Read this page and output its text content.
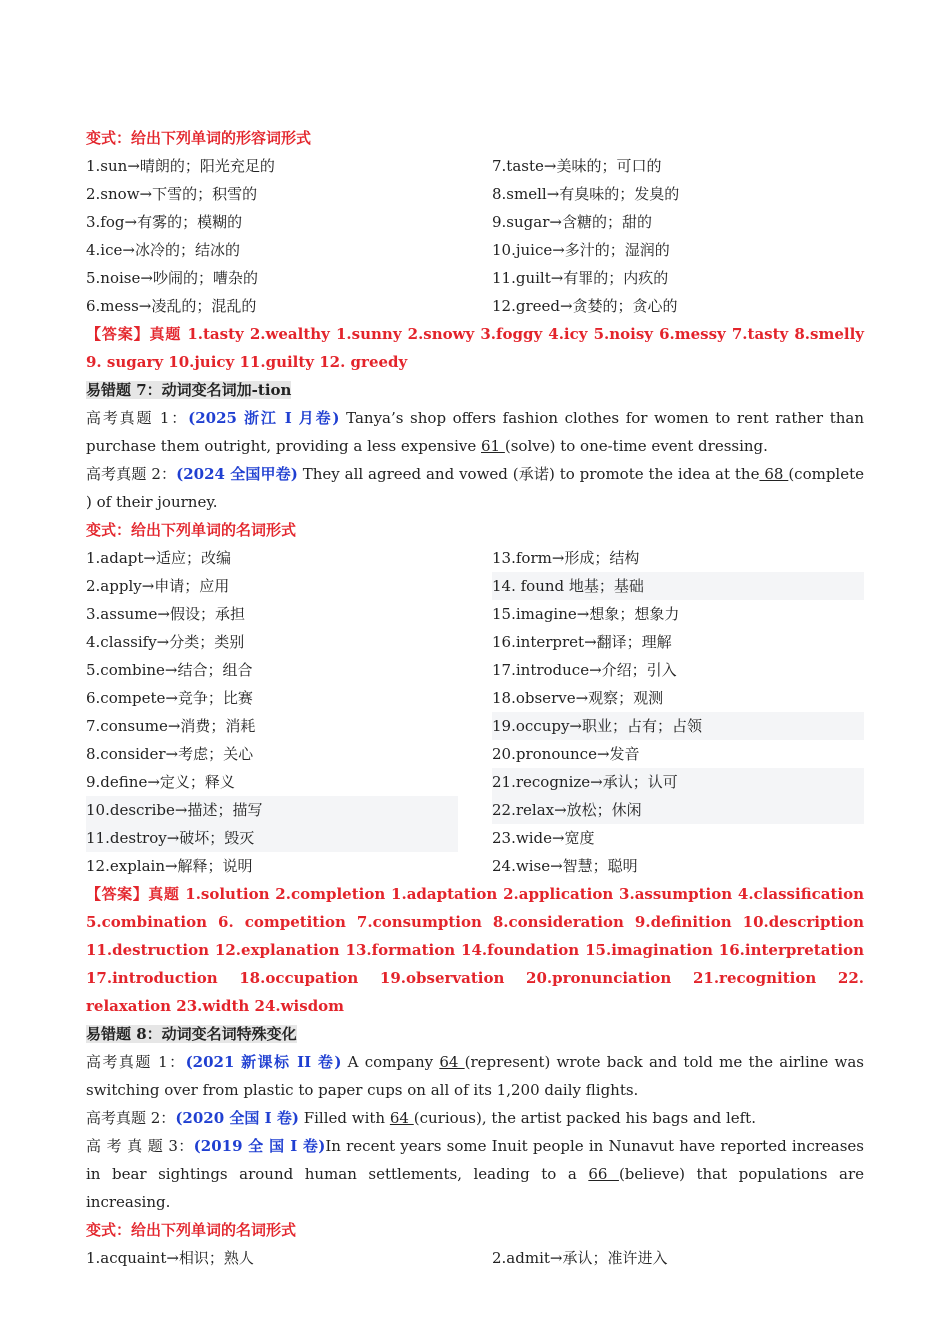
变式：给出下列单词的形容词形式
1.sun→晴朗的；阳光充足的	7.taste→美味的；可口的
2.snow→下雪的；积雪的	8.smell→有臭味的；发臭的
3.fog→有雾的；模糊的	9.sugar→含糖的；甜的
4.ice→冰冷的；结冰的	10.juice→多汁的；湿润的
5.noise→吵闹的；嘈杂的	11.guilt→有罪的；内疚的
6.mess→凌乱的；混乱的	12.greed→贪婪的；贪心的
【答案】真题 1.tasty 2.wealthy 1.sunny 2.snowy 3.foggy 4.icy 5.noisy 6.messy 7.tasty 8.smelly 9. sugary 10.juicy 11.guilty 12. greedy
易错题 7：动词变名词加-tion
高考真题 1：(2025 浙江 I 月卷) Tanya’s shop offers fashion clothes for women to rent rather than purchase them outright, providing a less expensive 61 (solve) to one-time event dressing.
高考真题 2：(2024 全国甲卷) They all agreed and vowed (承诺) to promote the idea at the 68 (complete ) of their journey.
变式：给出下列单词的名词形式
1.adapt→适应；改编	13.form→形成；结构
2.apply→申请；应用	14. found 地基；基础
3.assume→假设；承担	15.imagine→想象；想象力
4.classify→分类；类别	16.interpret→翻译；理解
5.combine→结合；组合	17.introduce→介绍；引入
6.compete→竞争；比赛	18.observe→观察；观测
7.consume→消费；消耗	19.occupy→职业；占有；占领
8.consider→考虑；关心	20.pronounce→发音
9.define→定义；释义	21.recognize→承认；认可
10.describe→描述；描写	22.relax→放松；休闲
11.destroy→破坏；毁灭	23.wide→宽度
12.explain→解释；说明	24.wise→智慧；聪明
【答案】真题 1.solution 2.completion 1.adaptation 2.application 3.assumption 4.classification 5.combination 6. competition 7.consumption 8.consideration 9.definition 10.description 11.destruction 12.explanation 13.formation 14.foundation 15.imagination 16.interpretation 17.introduction 18.occupation 19.observation 20.pronunciation 21.recognition 22. relaxation 23.width 24.wisdom
易错题 8：动词变名词特殊变化
高考真题 1：(2021 新课标 II 卷) A company 64 (represent) wrote back and told me the airline was switching over from plastic to paper cups on all of its 1,200 daily flights.
高考真题 2：(2020 全国 I 卷) Filled with 64 (curious), the artist packed his bags and left.
高 考 真 题 3：(2019 全 国 I 卷)In recent years some Inuit people in Nunavut have reported increases in bear sightings around human settlements, leading to a 66 (believe) that populations are increasing.
变式：给出下列单词的名词形式
1.acquaint→相识；熟人	2.admit→承认；准许进入
